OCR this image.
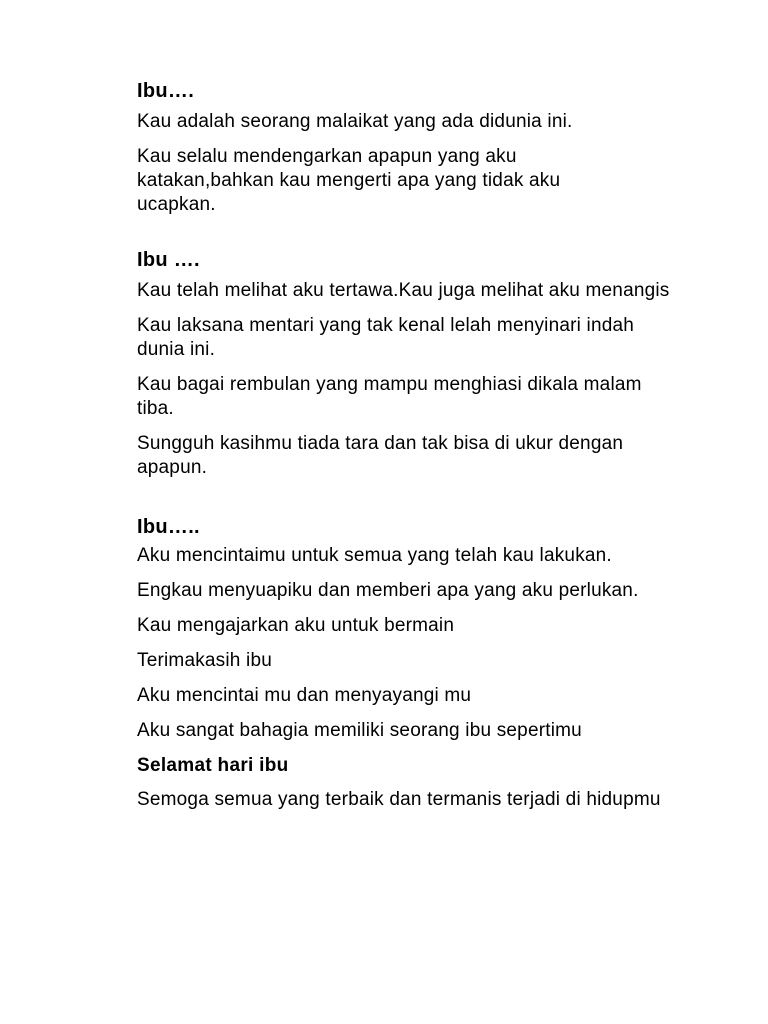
Ibu….

Kau adalah seorang malaikat yang ada didunia ini.

Kau selalu mendengarkan apapun yang aku katakan,bahkan kau mengerti apa yang tidak aku ucapkan.

Ibu ….

Kau telah melihat aku tertawa.Kau juga melihat aku menangis

Kau laksana mentari yang tak kenal lelah menyinari indah dunia ini.

Kau bagai rembulan yang mampu menghiasi dikala malam tiba.

Sungguh kasihmu tiada tara dan tak bisa di ukur dengan apapun.

Ibu…..

Aku mencintaimu untuk semua yang telah kau lakukan.

Engkau menyuapiku dan memberi apa yang aku perlukan.

Kau mengajarkan aku untuk bermain

Terimakasih ibu

Aku mencintai mu dan menyayangi mu

Aku sangat bahagia memiliki seorang ibu sepertimu

Selamat hari ibu

Semoga semua yang terbaik dan termanis terjadi di hidupmu
